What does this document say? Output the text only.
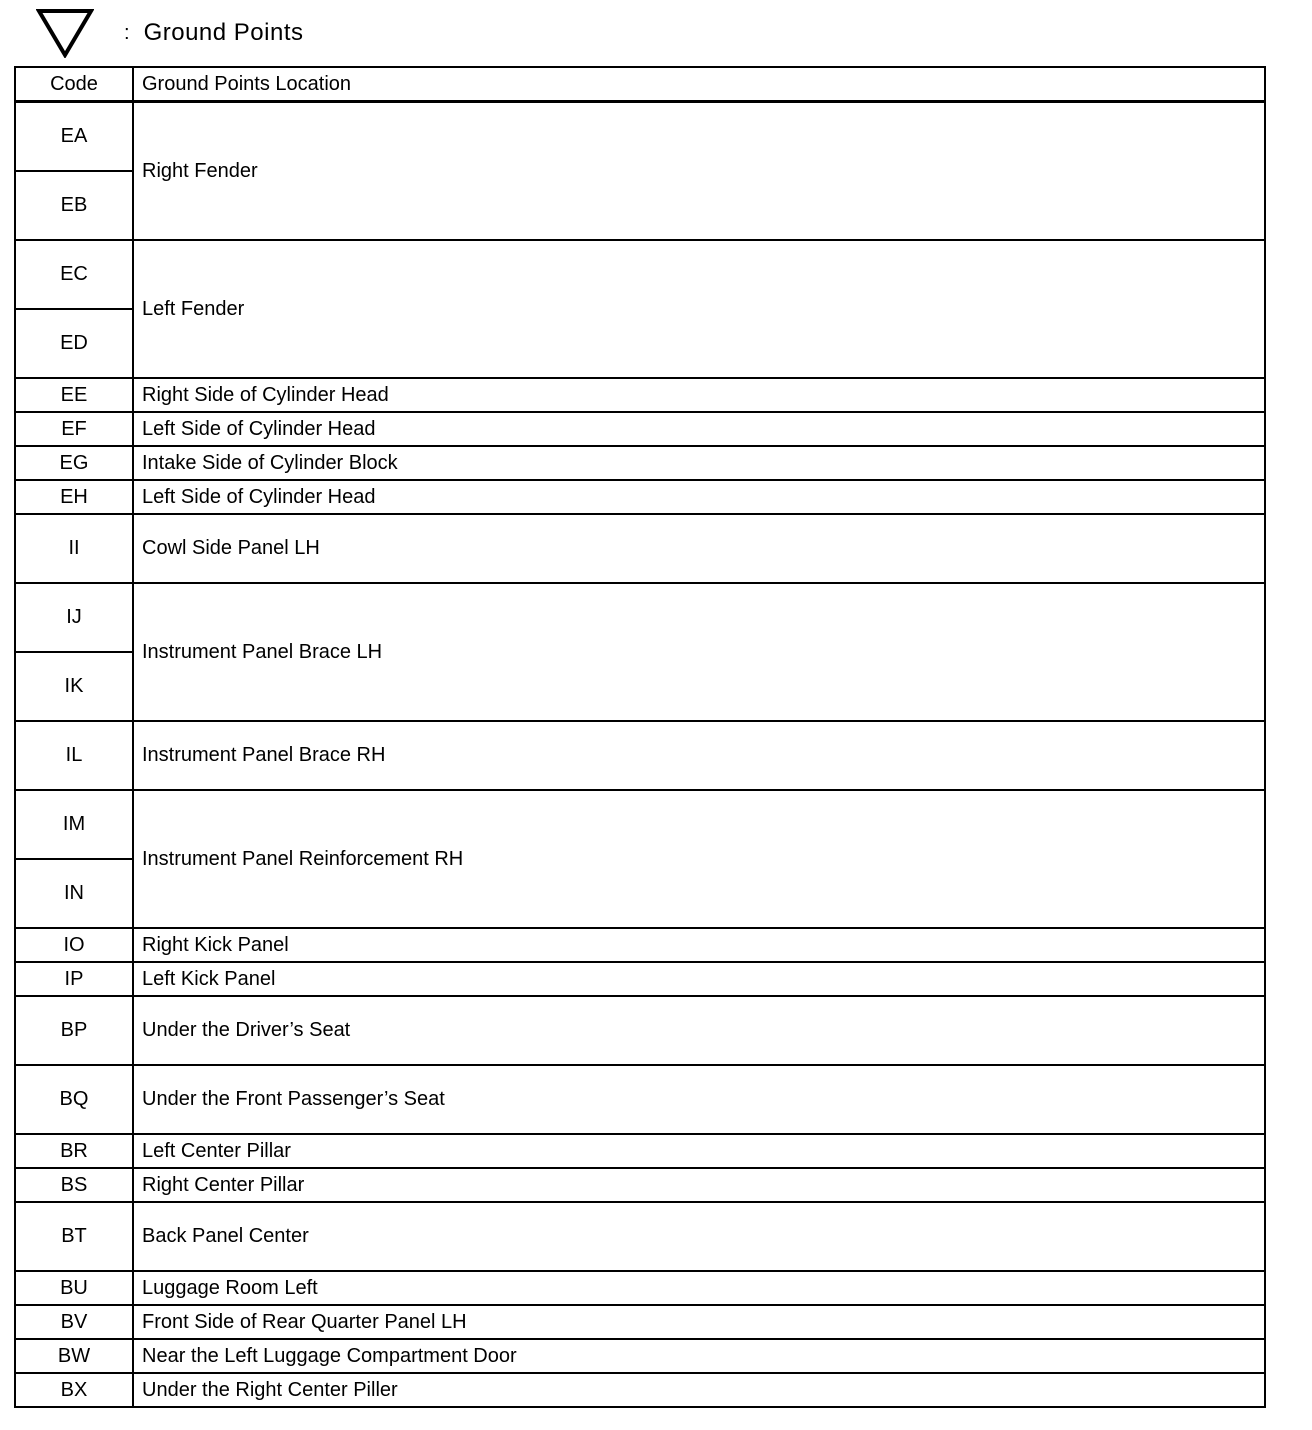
: Ground Points
Code	Ground Points Location
EA	Right Fender
EB	
EC	Left Fender
ED	
EE	Right Side of Cylinder Head
EF	Left Side of Cylinder Head
EG	Intake Side of Cylinder Block
EH	Left Side of Cylinder Head
II	Cowl Side Panel LH
IJ	Instrument Panel Brace LH
IK	
IL	Instrument Panel Brace RH
IM	Instrument Panel Reinforcement RH
IN	
IO	Right Kick Panel
IP	Left Kick Panel
BP	Under the Driver’s Seat
BQ	Under the Front Passenger’s Seat
BR	Left Center Pillar
BS	Right Center Pillar
BT	Back Panel Center
BU	Luggage Room Left
BV	Front Side of Rear Quarter Panel LH
BW	Near the Left Luggage Compartment Door
BX	Under the Right Center Piller
